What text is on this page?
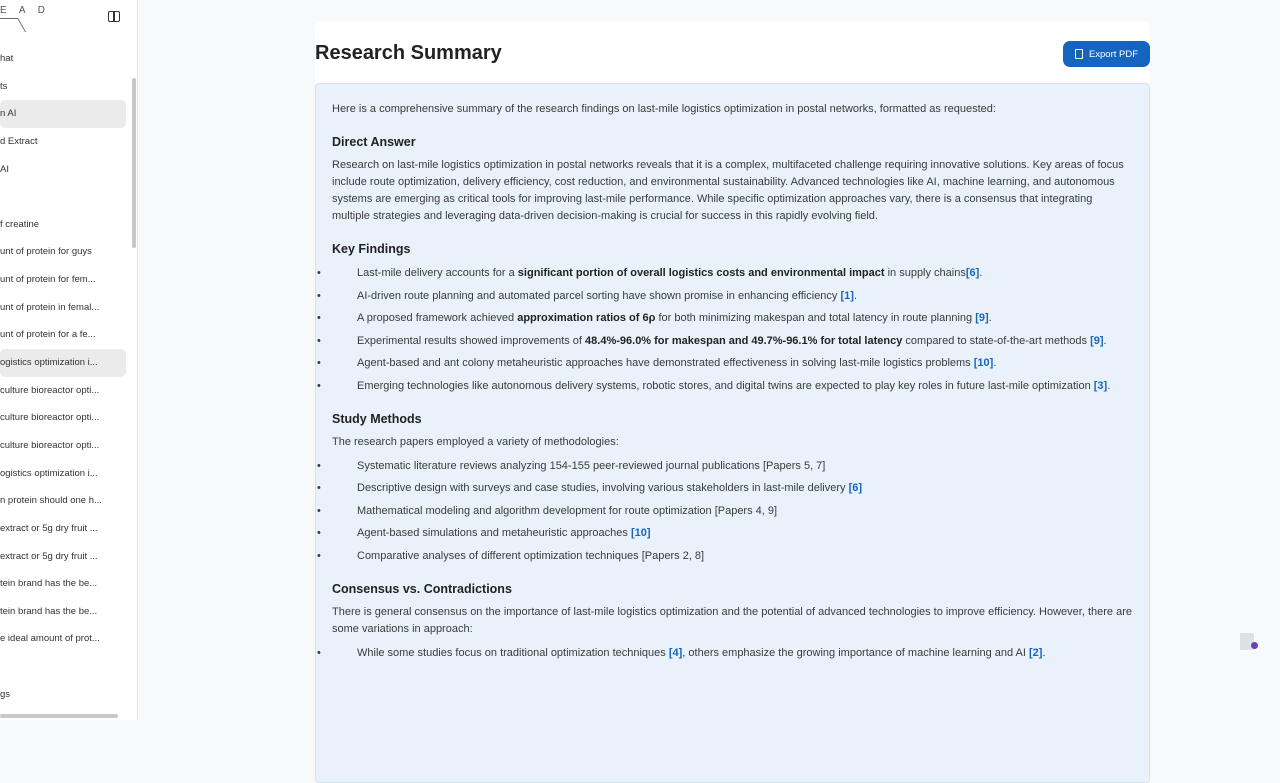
E A D
hat
ts
n AI
d Extract
AI
f creatine
unt of protein for guys
unt of protein for fem...
unt of protein in femal...
unt of protein for a fe...
ogistics optimization i...
culture bioreactor opti...
culture bioreactor opti...
culture bioreactor opti...
ogistics optimization i...
n protein should one h...
extract or 5g dry fruit ...
extract or 5g dry fruit ...
tein brand has the be...
tein brand has the be...
e ideal amount of prot...
gs
Research Summary	Export PDF

Here is a comprehensive summary of the research findings on last-mile logistics optimization in postal networks, formatted as requested:

Direct Answer

Research on last-mile logistics optimization in postal networks reveals that it is a complex, multifaceted challenge requiring innovative solutions. Key areas of focus include route optimization, delivery efficiency, cost reduction, and environmental sustainability. Advanced technologies like AI, machine learning, and autonomous systems are emerging as critical tools for improving last-mile performance. While specific optimization approaches vary, there is a consensus that integrating multiple strategies and leveraging data-driven decision-making is crucial for success in this rapidly evolving field.

Key Findings
• Last-mile delivery accounts for a significant portion of overall logistics costs and environmental impact in supply chains[6].
• AI-driven route planning and automated parcel sorting have shown promise in enhancing efficiency [1].
• A proposed framework achieved approximation ratios of 6ρ for both minimizing makespan and total latency in route planning [9].
• Experimental results showed improvements of 48.4%-96.0% for makespan and 49.7%-96.1% for total latency compared to state-of-the-art methods [9].
• Agent-based and ant colony metaheuristic approaches have demonstrated effectiveness in solving last-mile logistics problems [10].
• Emerging technologies like autonomous delivery systems, robotic stores, and digital twins are expected to play key roles in future last-mile optimization [3].
Study Methods

The research papers employed a variety of methodologies:

• Systematic literature reviews analyzing 154-155 peer-reviewed journal publications [Papers 5, 7]
• Descriptive design with surveys and case studies, involving various stakeholders in last-mile delivery [6]
• Mathematical modeling and algorithm development for route optimization [Papers 4, 9]
• Agent-based simulations and metaheuristic approaches [10]
• Comparative analyses of different optimization techniques [Papers 2, 8]
Consensus vs. Contradictions

There is general consensus on the importance of last-mile logistics optimization and the potential of advanced technologies to improve efficiency. However, there are some variations in approach:

• While some studies focus on traditional optimization techniques [4], others emphasize the growing importance of machine learning and AI [2].
